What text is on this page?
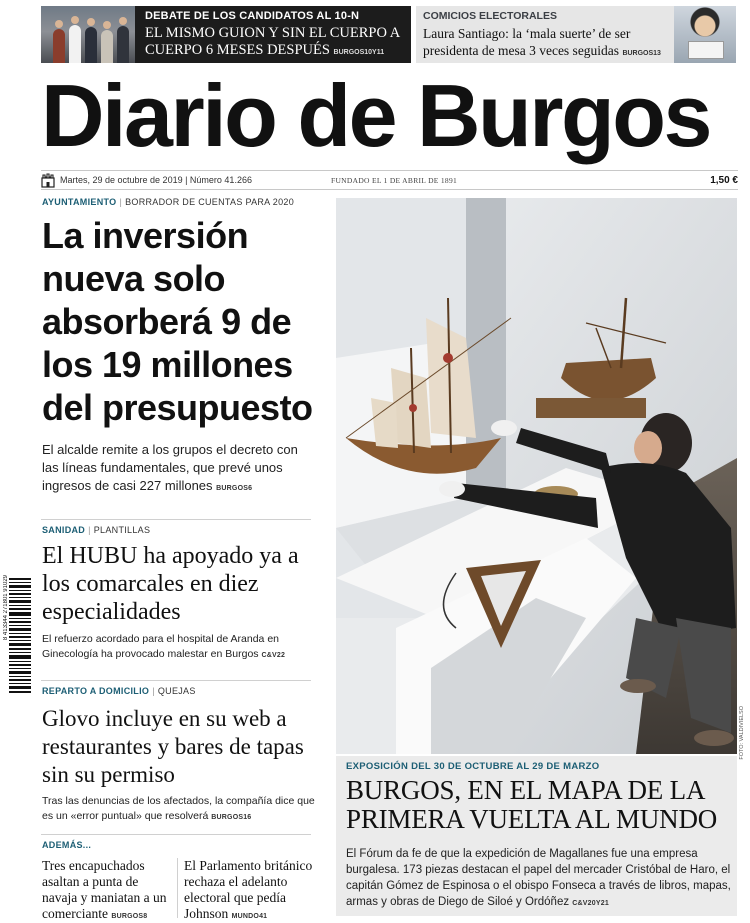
DEBATE DE LOS CANDIDATOS AL 10-N
EL MISMO GUION Y SIN EL CUERPO A CUERPO 6 MESES DESPUÉS BURGOS10Y11
COMICIOS ELECTORALES
Laura Santiago: la ‘mala suerte’ de ser presidenta de mesa 3 veces seguidas BURGOS13
Diario de Burgos
Martes, 29 de octubre de 2019 | Número 41.266	FUNDADO EL 1 DE ABRIL DE 1891	1,50 €
AYUNTAMIENTO | BORRADOR DE CUENTAS PARA 2020
La inversión nueva solo absorberá 9 de los 19 millones del presupuesto
El alcalde remite a los grupos el decreto con las líneas fundamentales, que prevé unos ingresos de casi 227 millones BURGOS6
SANIDAD | PLANTILLAS
El HUBU ha apoyado ya a los comarcales en diez especialidades
El refuerzo acordado para el hospital de Aranda en Ginecología ha provocado malestar en Burgos C&V22
REPARTO A DOMICILIO | QUEJAS
Glovo incluye en su web a restaurantes y bares de tapas sin su permiso
Tras las denuncias de los afectados, la compañía dice que es un «error puntual» que resolverá BURGOS16
ADEMÁS...
Tres encapuchados asaltan a punta de navaja y maniatan a un comerciante BURGOS8
El Parlamento británico rechaza el adelanto electoral que pedía Johnson MUNDO41
8 413344 271801 91029
FOTO: VALDIVIELSO
EXPOSICIÓN DEL 30 DE OCTUBRE AL 29 DE MARZO
BURGOS, EN EL MAPA DE LA PRIMERA VUELTA AL MUNDO
El Fórum da fe de que la expedición de Magallanes fue una empresa burgalesa. 173 piezas destacan el papel del mercader Cristóbal de Haro, el capitán Gómez de Espinosa o el obispo Fonseca a través de libros, mapas, armas y obras de Diego de Siloé y Ordóñez C&V20Y21
